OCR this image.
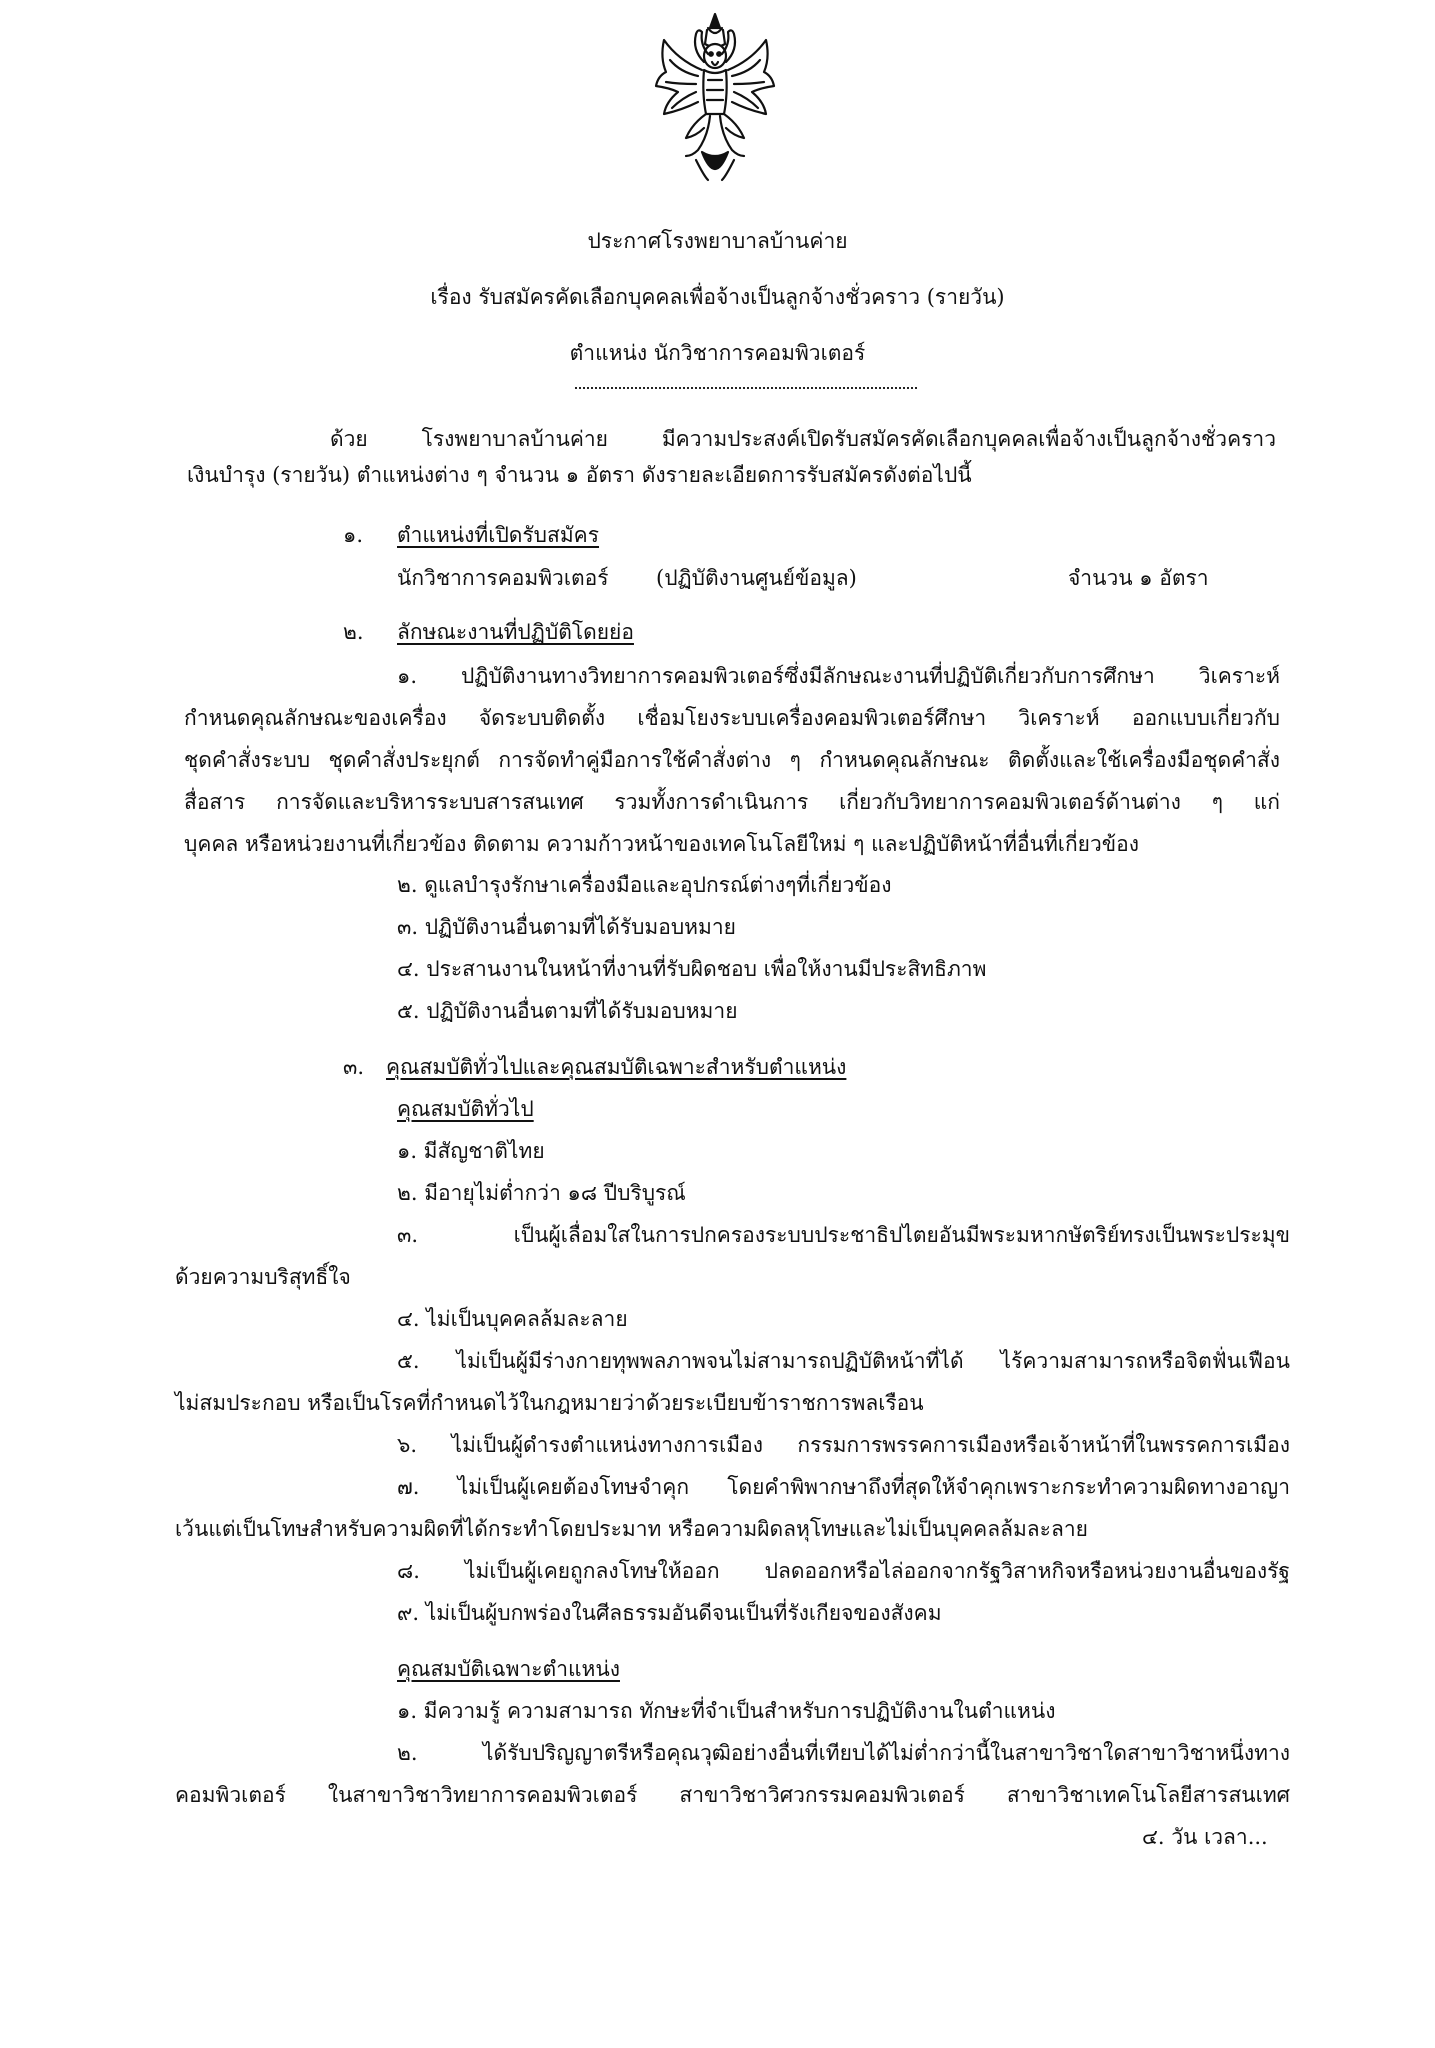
ประกาศโรงพยาบาลบ้านค่าย
เรื่อง รับสมัครคัดเลือกบุคคลเพื่อจ้างเป็นลูกจ้างชั่วคราว (รายวัน)
ตำแหน่ง นักวิชาการคอมพิวเตอร์
ด้วย โรงพยาบาลบ้านค่าย มีความประสงค์เปิดรับสมัครคัดเลือกบุคคลเพื่อจ้างเป็นลูกจ้างชั่วคราว
เงินบำรุง (รายวัน) ตำแหน่งต่าง ๆ จำนวน ๑ อัตรา ดังรายละเอียดการรับสมัครดังต่อไปนี้
๑. ตำแหน่งที่เปิดรับสมัคร
นักวิชาการคอมพิวเตอร์ (ปฏิบัติงานศูนย์ข้อมูล)	จำนวน ๑ อัตรา
๒. ลักษณะงานที่ปฏิบัติโดยย่อ
๑. ปฏิบัติงานทางวิทยาการคอมพิวเตอร์ซึ่งมีลักษณะงานที่ปฏิบัติเกี่ยวกับการศึกษา วิเคราะห์
กำหนดคุณลักษณะของเครื่อง จัดระบบติดตั้ง เชื่อมโยงระบบเครื่องคอมพิวเตอร์ศึกษา วิเคราะห์ ออกแบบเกี่ยวกับ
ชุดคำสั่งระบบ ชุดคำสั่งประยุกต์ การจัดทำคู่มือการใช้คำสั่งต่าง ๆ กำหนดคุณลักษณะ ติดตั้งและใช้เครื่องมือชุดคำสั่ง
สื่อสาร การจัดและบริหารระบบสารสนเทศ รวมทั้งการดำเนินการ เกี่ยวกับวิทยาการคอมพิวเตอร์ด้านต่าง ๆ แก่
บุคคล หรือหน่วยงานที่เกี่ยวข้อง ติดตาม ความก้าวหน้าของเทคโนโลยีใหม่ ๆ และปฏิบัติหน้าที่อื่นที่เกี่ยวข้อง
๒. ดูแลบำรุงรักษาเครื่องมือและอุปกรณ์ต่างๆที่เกี่ยวข้อง
๓. ปฏิบัติงานอื่นตามที่ได้รับมอบหมาย
๔. ประสานงานในหน้าที่งานที่รับผิดชอบ เพื่อให้งานมีประสิทธิภาพ
๕. ปฏิบัติงานอื่นตามที่ได้รับมอบหมาย
๓. คุณสมบัติทั่วไปและคุณสมบัติเฉพาะสำหรับตำแหน่ง
คุณสมบัติทั่วไป
๑. มีสัญชาติไทย
๒. มีอายุไม่ต่ำกว่า ๑๘ ปีบริบูรณ์
๓. เป็นผู้เลื่อมใสในการปกครองระบบประชาธิปไตยอันมีพระมหากษัตริย์ทรงเป็นพระประมุข
ด้วยความบริสุทธิ์ใจ
๔. ไม่เป็นบุคคลล้มละลาย
๕. ไม่เป็นผู้มีร่างกายทุพพลภาพจนไม่สามารถปฏิบัติหน้าที่ได้ ไร้ความสามารถหรือจิตฟั่นเฟือน
ไม่สมประกอบ หรือเป็นโรคที่กำหนดไว้ในกฎหมายว่าด้วยระเบียบข้าราชการพลเรือน
๖. ไม่เป็นผู้ดำรงตำแหน่งทางการเมือง กรรมการพรรคการเมืองหรือเจ้าหน้าที่ในพรรคการเมือง
๗. ไม่เป็นผู้เคยต้องโทษจำคุก โดยคำพิพากษาถึงที่สุดให้จำคุกเพราะกระทำความผิดทางอาญา
เว้นแต่เป็นโทษสำหรับความผิดที่ได้กระทำโดยประมาท หรือความผิดลหุโทษและไม่เป็นบุคคลล้มละลาย
๘. ไม่เป็นผู้เคยถูกลงโทษให้ออก ปลดออกหรือไล่ออกจากรัฐวิสาหกิจหรือหน่วยงานอื่นของรัฐ
๙. ไม่เป็นผู้บกพร่องในศีลธรรมอันดีจนเป็นที่รังเกียจของสังคม
คุณสมบัติเฉพาะตำแหน่ง
๑. มีความรู้ ความสามารถ ทักษะที่จำเป็นสำหรับการปฏิบัติงานในตำแหน่ง
๒. ได้รับปริญญาตรีหรือคุณวุฒิอย่างอื่นที่เทียบได้ไม่ต่ำกว่านี้ในสาขาวิชาใดสาขาวิชาหนึ่งทาง
คอมพิวเตอร์ ในสาขาวิชาวิทยาการคอมพิวเตอร์ สาขาวิชาวิศวกรรมคอมพิวเตอร์ สาขาวิชาเทคโนโลยีสารสนเทศ
๔. วัน เวลา...
